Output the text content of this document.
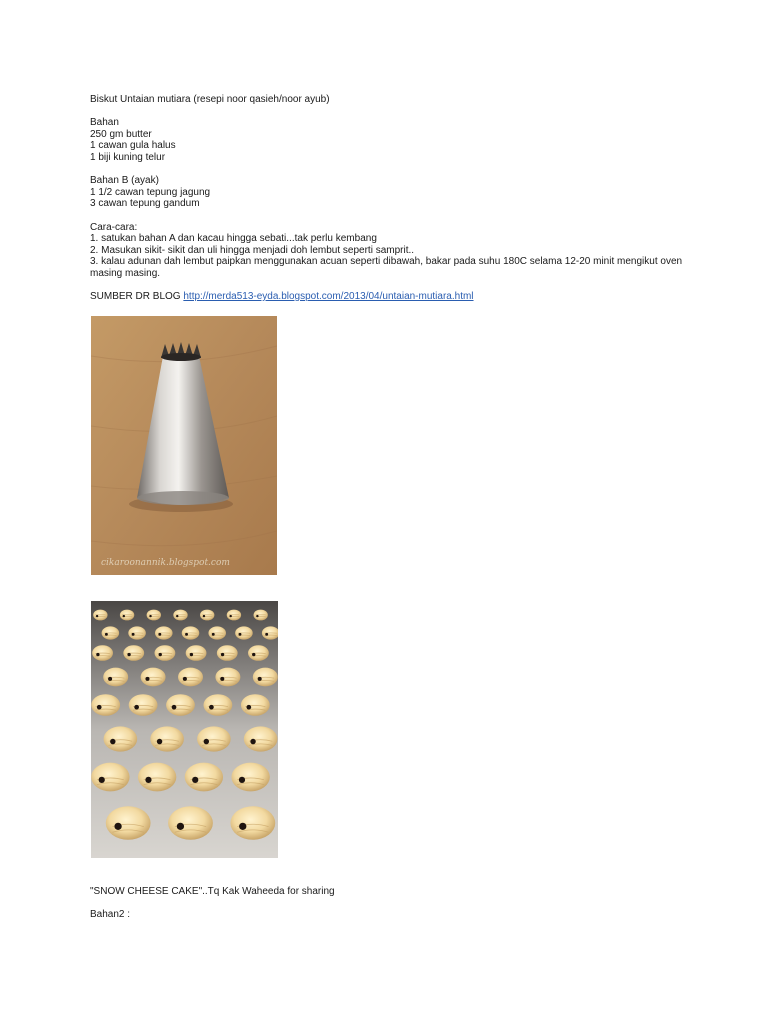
Biskut Untaian mutiara (resepi noor qasieh/noor ayub)
Bahan
250 gm butter
1 cawan gula halus
1 biji kuning telur
Bahan B (ayak)
1 1/2 cawan tepung jagung
3 cawan tepung gandum
Cara-cara:
1. satukan bahan A dan kacau hingga sebati...tak perlu kembang
2. Masukan sikit- sikit dan uli hingga menjadi doh lembut seperti samprit..
3. kalau adunan dah lembut paipkan menggunakan acuan seperti dibawah, bakar pada suhu 180C selama 12-20 minit mengikut oven masing masing.
SUMBER DR BLOG http://merda513-eyda.blogspot.com/2013/04/untaian-mutiara.html
cikaroonannik.blogspot.com
"SNOW CHEESE CAKE"..Tq Kak Waheeda for sharing
Bahan2 :
